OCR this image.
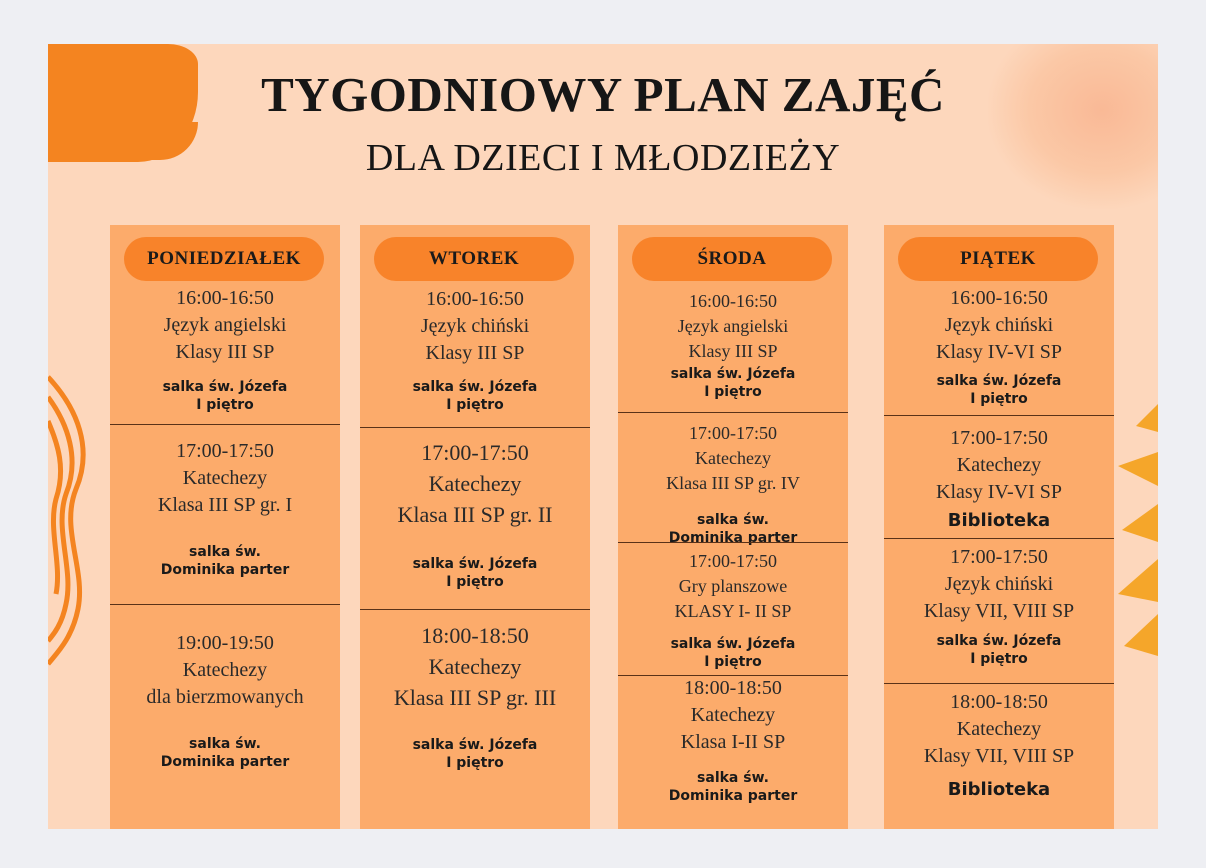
TYGODNIOWY PLAN ZAJĘĆ
DLA DZIECI I MŁODZIEŻY
PONIEDZIAŁEK
16:00-16:50
Język angielski
Klasy III SP
salka św. Józefa
I piętro
17:00-17:50
Katechezy
Klasa III SP gr. I
salka św.
Dominika parter
19:00-19:50
Katechezy
dla bierzmowanych
salka św.
Dominika parter
WTOREK
16:00-16:50
Język chiński
Klasy III SP
salka św. Józefa
I piętro
17:00-17:50
Katechezy
Klasa III SP gr. II
salka św. Józefa
I piętro
18:00-18:50
Katechezy
Klasa III SP gr. III
salka św. Józefa
I piętro
ŚRODA
16:00-16:50
Język angielski
Klasy III SP
salka św. Józefa
I piętro
17:00-17:50
Katechezy
Klasa III SP gr. IV
salka św.
Dominika parter
17:00-17:50
Gry planszowe
KLASY I- II SP
salka św. Józefa
I piętro
18:00-18:50
Katechezy
Klasa I-II SP
salka św.
Dominika parter
PIĄTEK
16:00-16:50
Język chiński
Klasy IV-VI SP
salka św. Józefa
I piętro
17:00-17:50
Katechezy
Klasy IV-VI SP
Biblioteka
17:00-17:50
Język chiński
Klasy VII, VIII SP
salka św. Józefa
I piętro
18:00-18:50
Katechezy
Klasy VII, VIII SP
Biblioteka
